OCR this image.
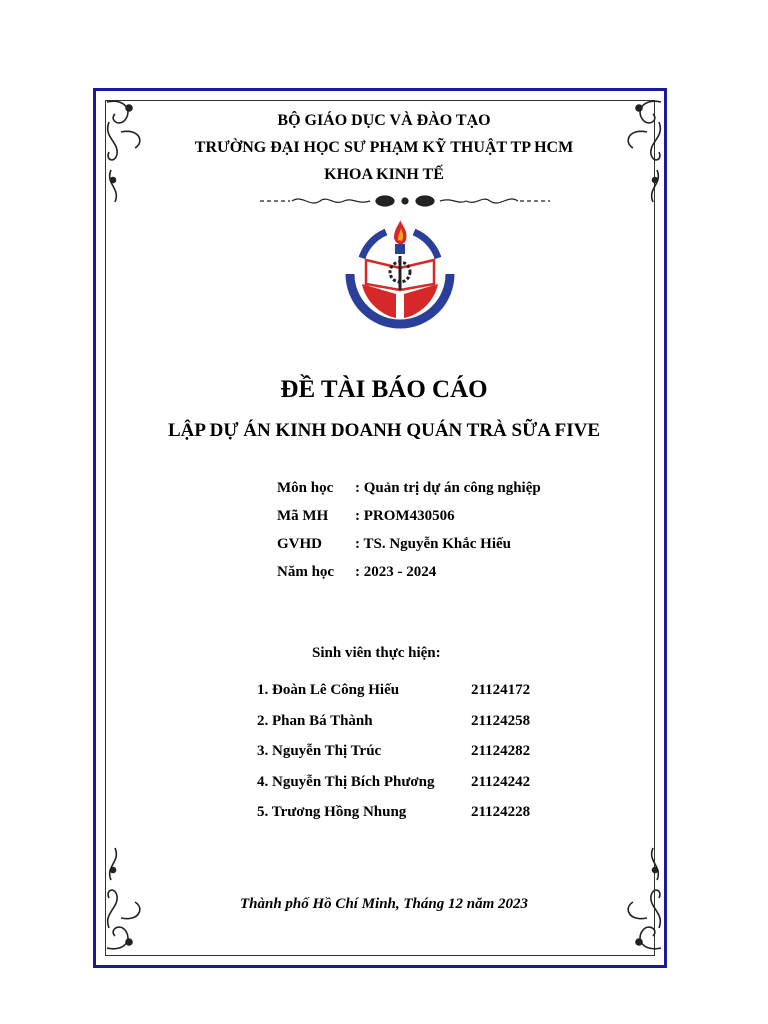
BỘ GIÁO DỤC VÀ ĐÀO TẠO
TRƯỜNG ĐẠI HỌC SƯ PHẠM KỸ THUẬT TP HCM
KHOA KINH TẾ
ĐỀ TÀI BÁO CÁO
LẬP DỰ ÁN KINH DOANH QUÁN TRÀ SỮA FIVE
Môn học	: Quản trị dự án công nghiệp
Mã MH	: PROM430506
GVHD	: TS. Nguyễn Khắc Hiếu
Năm học	: 2023 - 2024
Sinh viên thực hiện:
1. Đoàn Lê Công Hiếu	21124172
2. Phan Bá Thành	21124258
3. Nguyễn Thị Trúc	21124282
4. Nguyễn Thị Bích Phương	21124242
5. Trương Hồng Nhung	21124228
Thành phố Hồ Chí Minh, Tháng 12 năm 2023
